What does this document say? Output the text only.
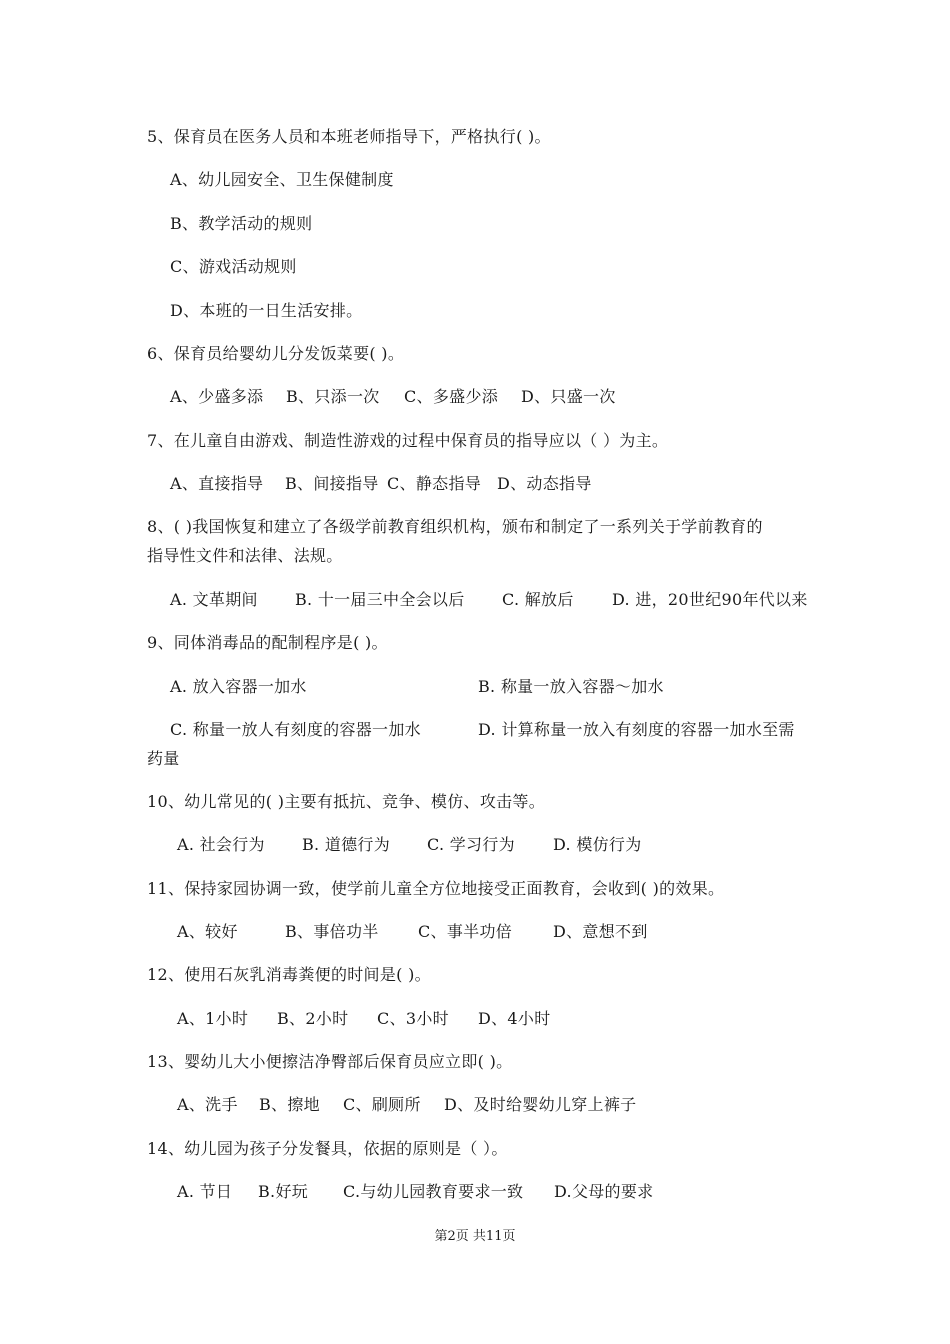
5、保育员在医务人员和本班老师指导下，严格执行( )。
A、幼儿园安全、卫生保健制度
B、教学活动的规则
C、游戏活动规则
D、本班的一日生活安排。
6、保育员给婴幼儿分发饭菜要( )。
A、少盛多添 B、只添一次 C、多盛少添 D、只盛一次
7、在儿童自由游戏、制造性游戏的过程中保育员的指导应以（ ）为主。
A、直接指导 B、间接指导 C、静态指导 D、动态指导
8、( )我国恢复和建立了各级学前教育组织机构，颁布和制定了一系列关于学前教育的
指导性文件和法律、法规。
A. 文革期间 B. 十一届三中全会以后 C. 解放后 D. 进，20世纪90年代以来
9、同体消毒品的配制程序是( )。
A. 放入容器一加水	B. 称量一放入容器～加水
C. 称量一放人有刻度的容器一加水	D. 计算称量一放入有刻度的容器一加水至需
药量
10、幼儿常见的( )主要有抵抗、竞争、模仿、攻击等。
A. 社会行为 B. 道德行为 C. 学习行为 D. 模仿行为
11、保持家园协调一致，使学前儿童全方位地接受正面教育，会收到( )的效果。
A、较好	B、事倍功半 C、事半功倍	D、意想不到
12、使用石灰乳消毒粪便的时间是( )。
A、1小时 B、2小时 C、3小时 D、4小时
13、婴幼儿大小便擦洁净臀部后保育员应立即( )。
A、洗手 B、擦地 C、刷厕所 D、及时给婴幼儿穿上裤子
14、幼儿园为孩子分发餐具，依据的原则是（ ）。
A. 节日 B.好玩 C.与幼儿园教育要求一致 D.父母的要求
第2页 共11页
